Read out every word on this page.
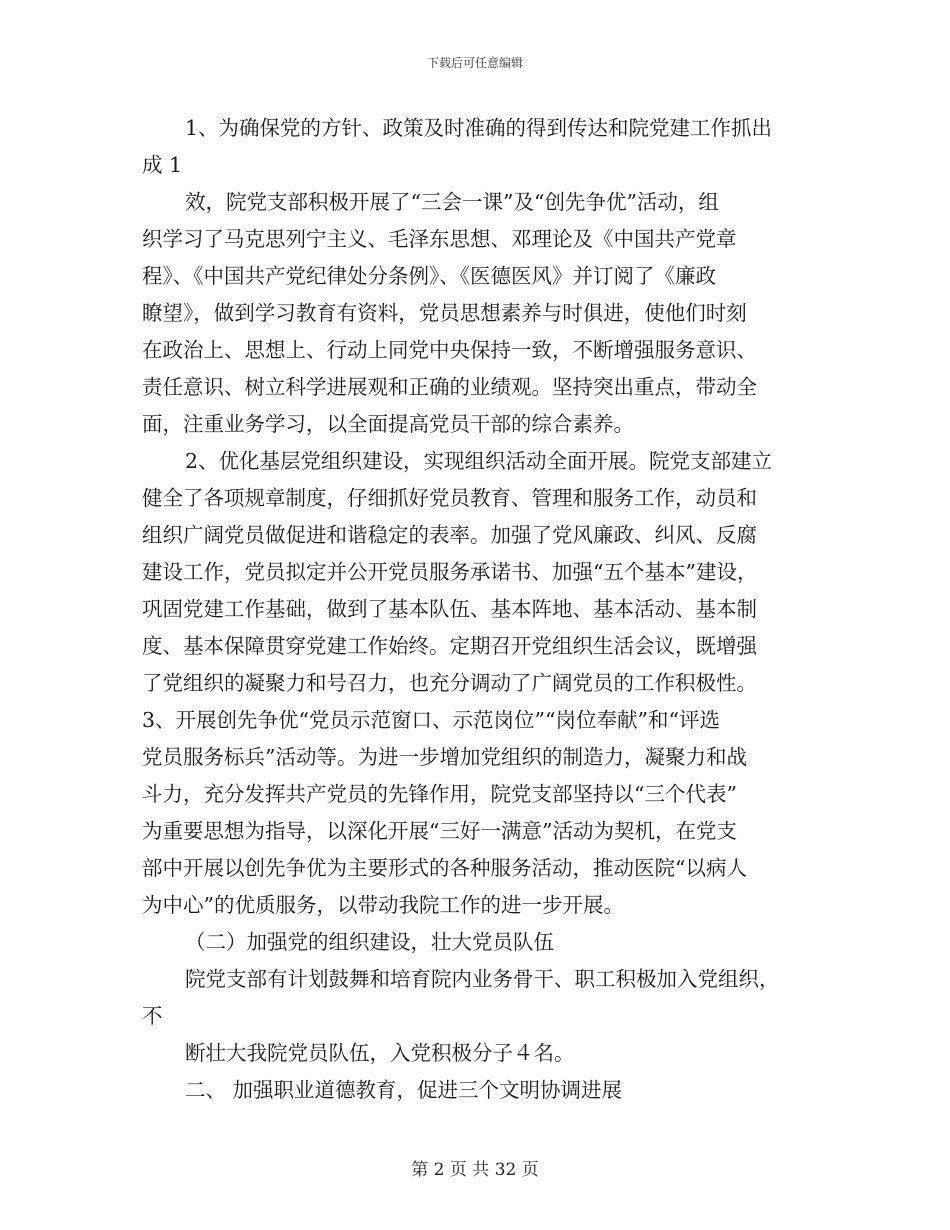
下载后可任意编辑
1、为确保党的方针、政策及时准确的得到传达和院党建工作抓出
成 1
效，院党支部积极开展了“三会一课”及“创先争优”活动，组
织学习了马克思列宁主义、毛泽东思想、邓理论及《中国共产党章
程》、《中国共产党纪律处分条例》、《医德医风》并订阅了《廉政
瞭望》，做到学习教育有资料，党员思想素养与时俱进，使他们时刻
在政治上、思想上、行动上同党中央保持一致，不断增强服务意识、
责任意识、树立科学进展观和正确的业绩观。坚持突出重点，带动全
面，注重业务学习，以全面提高党员干部的综合素养。
2、优化基层党组织建设，实现组织活动全面开展。院党支部建立
健全了各项规章制度，仔细抓好党员教育、管理和服务工作，动员和
组织广阔党员做促进和谐稳定的表率。加强了党风廉政、纠风、反腐
建设工作，党员拟定并公开党员服务承诺书、加强“五个基本”建设，
巩固党建工作基础，做到了基本队伍、基本阵地、基本活动、基本制
度、基本保障贯穿党建工作始终。定期召开党组织生活会议，既增强
了党组织的凝聚力和号召力，也充分调动了广阔党员的工作积极性。
3、开展创先争优“党员示范窗口、示范岗位”“岗位奉献”和“评选
党员服务标兵”活动等。为进一步增加党组织的制造力，凝聚力和战
斗力，充分发挥共产党员的先锋作用，院党支部坚持以“三个代表”
为重要思想为指导，以深化开展“三好一满意”活动为契机，在党支
部中开展以创先争优为主要形式的各种服务活动，推动医院“以病人
为中心”的优质服务，以带动我院工作的进一步开展。
（二）加强党的组织建设，壮大党员队伍
院党支部有计划鼓舞和培育院内业务骨干、职工积极加入党组织，
不
断壮大我院党员队伍，入党积极分子４名。
二、 加强职业道德教育，促进三个文明协调进展
第 2 页 共 32 页
